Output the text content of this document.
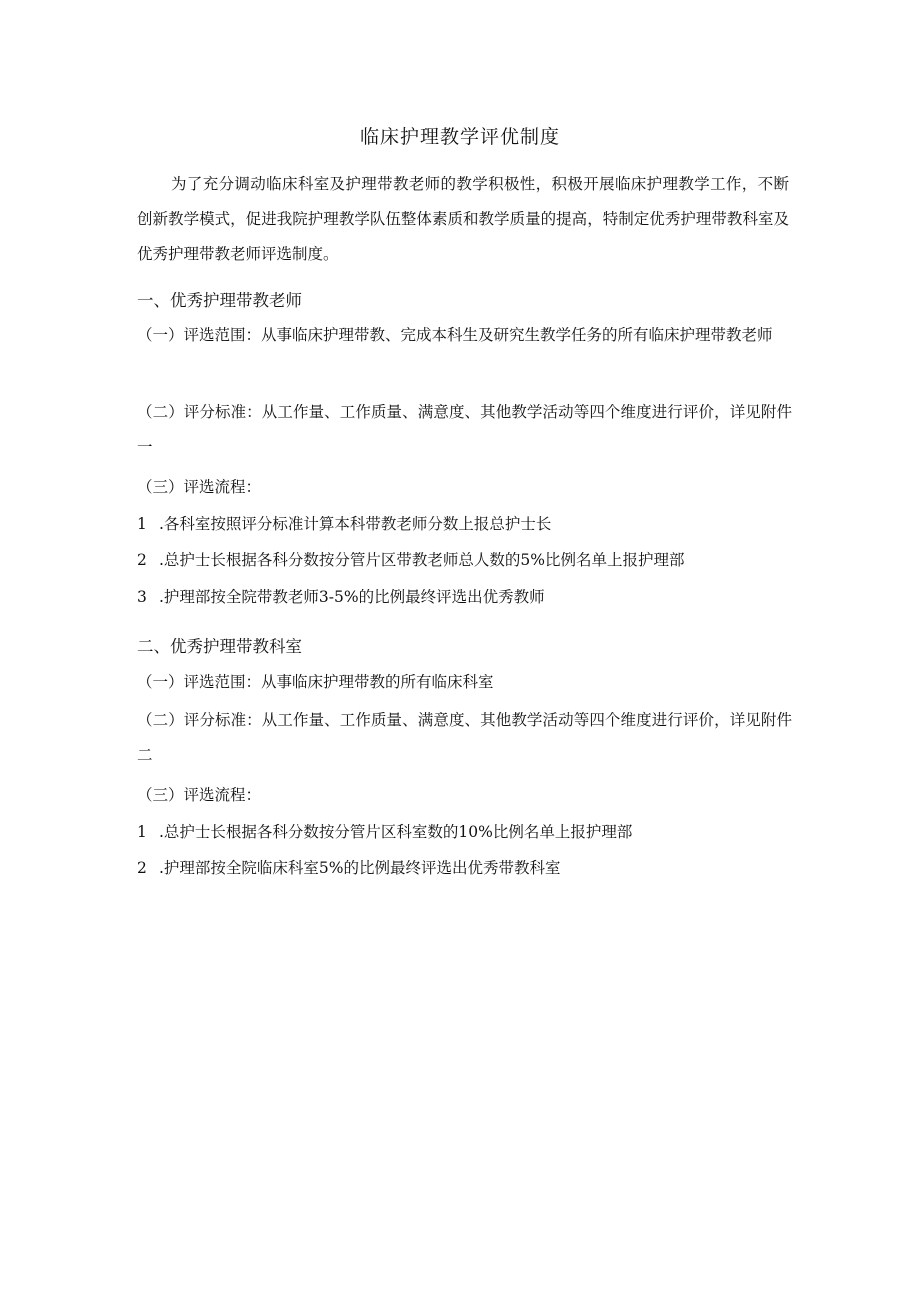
临床护理教学评优制度

为了充分调动临床科室及护理带教老师的教学积极性，积极开展临床护理教学工作，不断创新教学模式，促进我院护理教学队伍整体素质和教学质量的提高，特制定优秀护理带教科室及优秀护理带教老师评选制度。

一、优秀护理带教老师

（一）评选范围：从事临床护理带教、完成本科生及研究生教学任务的所有临床护理带教老师

（二）评分标准：从工作量、工作质量、满意度、其他教学活动等四个维度进行评价，详见附件一

（三）评选流程：

1 .各科室按照评分标准计算本科带教老师分数上报总护士长

2 .总护士长根据各科分数按分管片区带教老师总人数的5%比例名单上报护理部

3 .护理部按全院带教老师3-5%的比例最终评选出优秀教师

二、优秀护理带教科室

（一）评选范围：从事临床护理带教的所有临床科室

（二）评分标准：从工作量、工作质量、满意度、其他教学活动等四个维度进行评价，详见附件二

（三）评选流程：

1 .总护士长根据各科分数按分管片区科室数的10%比例名单上报护理部

2 .护理部按全院临床科室5%的比例最终评选出优秀带教科室
